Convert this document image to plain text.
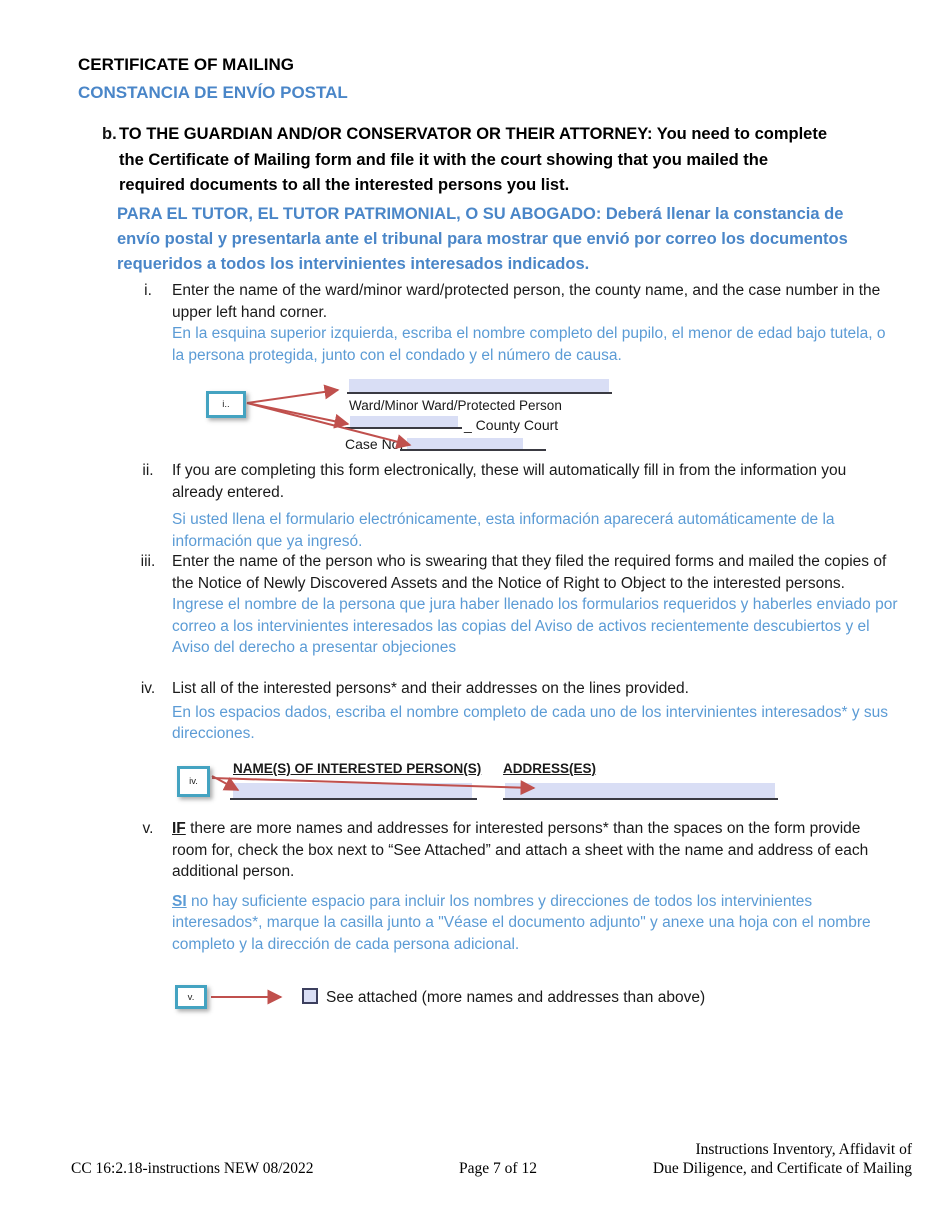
CERTIFICATE OF MAILING
CONSTANCIA DE ENVÍO POSTAL
b. TO THE GUARDIAN AND/OR CONSERVATOR OR THEIR ATTORNEY: You need to complete the Certificate of Mailing form and file it with the court showing that you mailed the required documents to all the interested persons you list.
PARA EL TUTOR, EL TUTOR PATRIMONIAL, O SU ABOGADO: Deberá llenar la constancia de envío postal y presentarla ante el tribunal para mostrar que envió por correo los documentos requeridos a todos los intervinientes interesados indicados.
i.	Enter the name of the ward/minor ward/protected person, the county name, and the case number in the upper left hand corner.
En la esquina superior izquierda, escriba el nombre completo del pupilo, el menor de edad bajo tutela, o la persona protegida, junto con el condado y el número de causa.
i..	Ward/Minor Ward/Protected Person
_ County Court
Case No.
ii.	If you are completing this form electronically, these will automatically fill in from the information you already entered.
Si usted llena el formulario electrónicamente, esta información aparecerá automáticamente de la información que ya ingresó.
iii.	Enter the name of the person who is swearing that they filed the required forms and mailed the copies of the Notice of Newly Discovered Assets and the Notice of Right to Object to the interested persons.
Ingrese el nombre de la persona que jura haber llenado los formularios requeridos y haberles enviado por correo a los intervinientes interesados las copias del Aviso de activos recientemente descubiertos y el Aviso del derecho a presentar objeciones
iv.	List all of the interested persons* and their addresses on the lines provided.
En los espacios dados, escriba el nombre completo de cada uno de los intervinientes interesados* y sus direcciones.
iv.
NAME(S) OF INTERESTED PERSON(S) ADDRESS(ES)
v.	IF there are more names and addresses for interested persons* than the spaces on the form provide room for, check the box next to “See Attached” and attach a sheet with the name and address of each additional person.
SI no hay suficiente espacio para incluir los nombres y direcciones de todos los intervinientes interesados*, marque la casilla junto a "Véase el documento adjunto" y anexe una hoja con el nombre completo y la dirección de cada persona adicional.
v.	See attached (more names and addresses than above)
CC 16:2.18-instructions NEW 08/2022	Page 7 of 12
Instructions Inventory, Affidavit of
Due Diligence, and Certificate of Mailing
